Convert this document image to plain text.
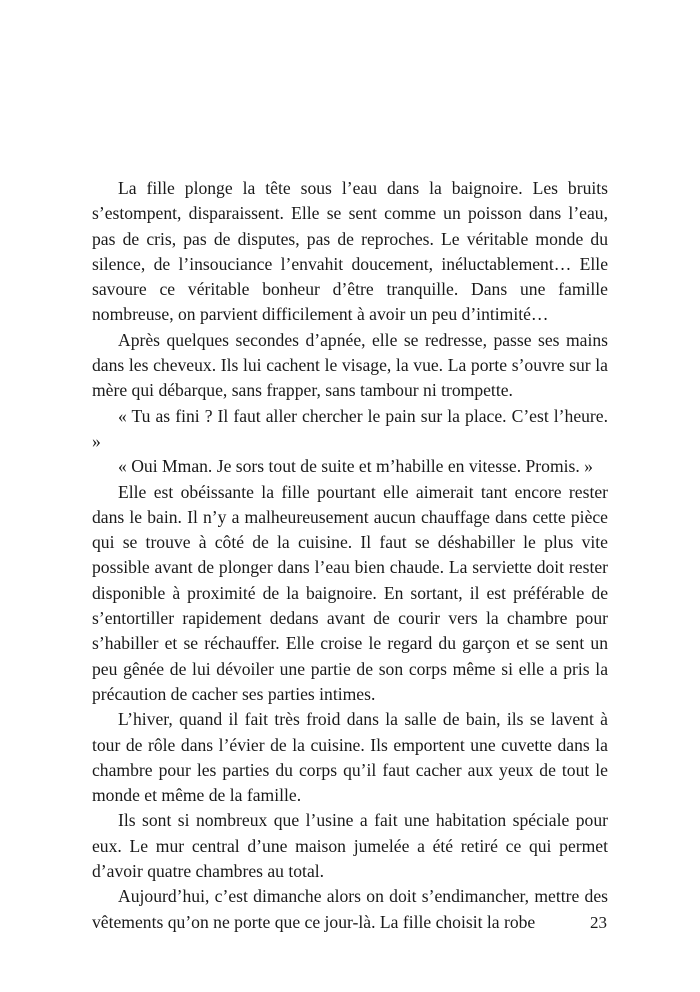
La fille plonge la tête sous l’eau dans la baignoire. Les bruits s’estompent, disparaissent. Elle se sent comme un poisson dans l’eau, pas de cris, pas de disputes, pas de reproches. Le véritable monde du silence, de l’insouciance l’envahit doucement, inéluctablement… Elle savoure ce véritable bonheur d’être tranquille. Dans une famille nombreuse, on parvient difficilement à avoir un peu d’intimité…

Après quelques secondes d’apnée, elle se redresse, passe ses mains dans les cheveux. Ils lui cachent le visage, la vue. La porte s’ouvre sur la mère qui débarque, sans frapper, sans tambour ni trompette.

« Tu as fini ? Il faut aller chercher le pain sur la place. C’est l’heure. »

« Oui Mman. Je sors tout de suite et m’habille en vitesse. Promis. »

Elle est obéissante la fille pourtant elle aimerait tant encore rester dans le bain. Il n’y a malheureusement aucun chauffage dans cette pièce qui se trouve à côté de la cuisine. Il faut se déshabiller le plus vite possible avant de plonger dans l’eau bien chaude. La serviette doit rester disponible à proximité de la baignoire. En sortant, il est préférable de s’entortiller rapidement dedans avant de courir vers la chambre pour s’habiller et se réchauffer. Elle croise le regard du garçon et se sent un peu gênée de lui dévoiler une partie de son corps même si elle a pris la précaution de cacher ses parties intimes.

L’hiver, quand il fait très froid dans la salle de bain, ils se lavent à tour de rôle dans l’évier de la cuisine. Ils emportent une cuvette dans la chambre pour les parties du corps qu’il faut cacher aux yeux de tout le monde et même de la famille.

Ils sont si nombreux que l’usine a fait une habitation spéciale pour eux. Le mur central d’une maison jumelée a été retiré ce qui permet d’avoir quatre chambres au total.

Aujourd’hui, c’est dimanche alors on doit s’endimancher, mettre des vêtements qu’on ne porte que ce jour-là. La fille choisit la robe	23
